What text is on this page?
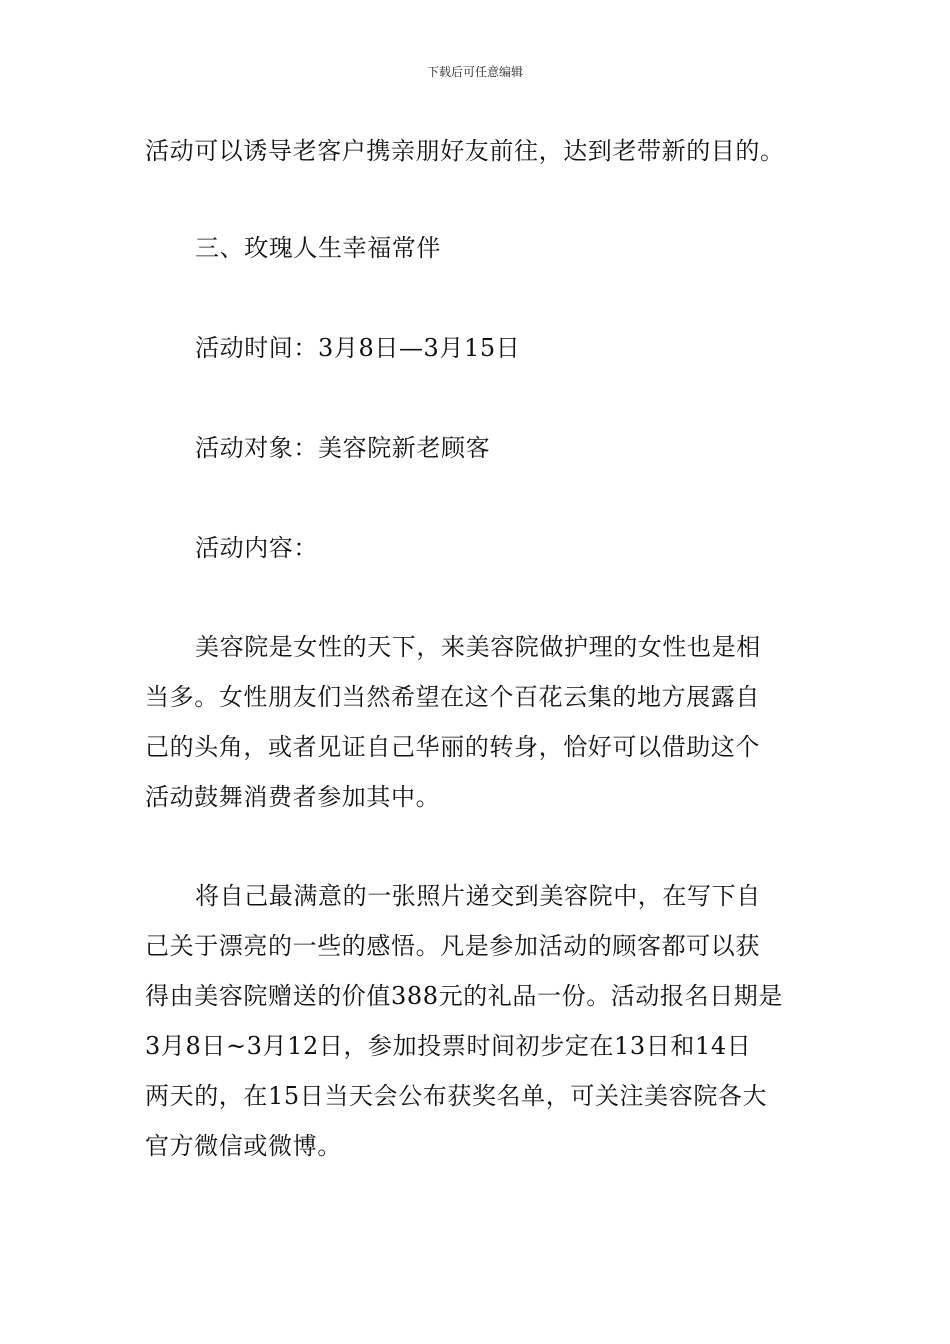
下载后可任意编辑
活动可以诱导老客户携亲朋好友前往，达到老带新的目的。
三、玫瑰人生幸福常伴
活动时间：3月8日—3月15日
活动对象：美容院新老顾客
活动内容：
美容院是女性的天下，来美容院做护理的女性也是相
当多。女性朋友们当然希望在这个百花云集的地方展露自
己的头角，或者见证自己华丽的转身，恰好可以借助这个
活动鼓舞消费者参加其中。
将自己最满意的一张照片递交到美容院中，在写下自
己关于漂亮的一些的感悟。凡是参加活动的顾客都可以获
得由美容院赠送的价值388元的礼品一份。活动报名日期是
3月8日~3月12日，参加投票时间初步定在13日和14日
两天的，在15日当天会公布获奖名单，可关注美容院各大
官方微信或微博。
